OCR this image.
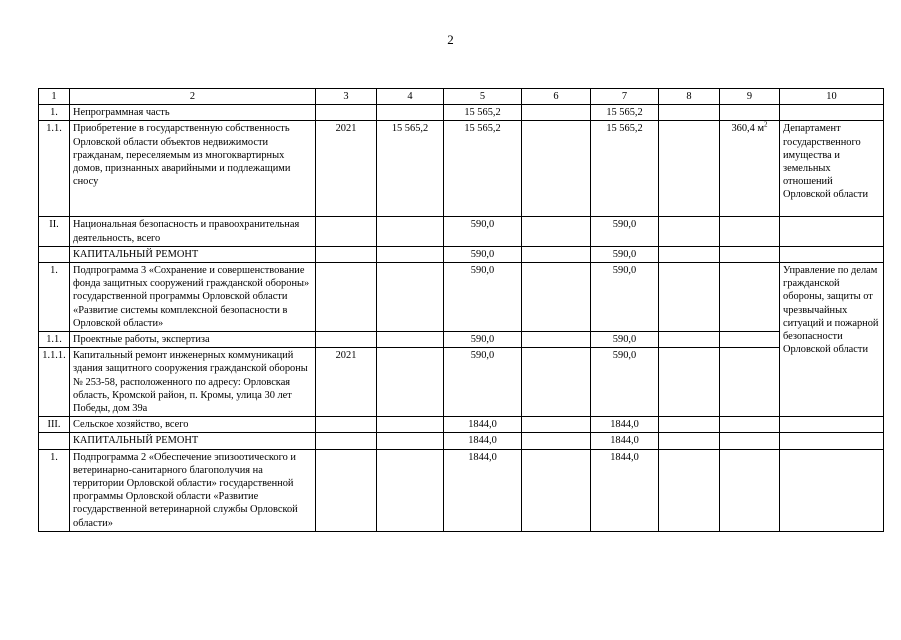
2
1	2	3	4	5	6	7	8	9	10
1.	Непрограммная часть			15 565,2		15 565,2			
1.1.	Приобретение в государственную собственность Орловской области объектов недвижимости гражданам, переселяемым из многоквартирных домов, признанных аварийными и подлежащими сносу	2021	15 565,2	15 565,2		15 565,2		360,4 $м^2$	Департамент государственного имущества и земельных отношений Орловской области
II.	Национальная безопасность и правоохранительная деятельность, всего			590,0		590,0			
	КАПИТАЛЬНЫЙ РЕМОНТ			590,0		590,0			
1.	Подпрограмма 3 «Сохранение и совершенствование фонда защитных сооружений гражданской обороны» государственной программы Орловской области «Развитие системы комплексной безопасности в Орловской области»			590,0		590,0			Управление по делам гражданской обороны, защиты от чрезвычайных ситуаций и пожарной безопасности Орловской области
1.1.	Проектные работы, экспертиза			590,0		590,0			
1.1.1.	Капитальный ремонт инженерных коммуникаций здания защитного сооружения гражданской обороны № 253-58, расположенного по адресу: Орловская область, Кромской район, п. Кромы, улица 30 лет Победы, дом 39а	2021		590,0		590,0			
III.	Сельское хозяйство, всего			1844,0		1844,0			
	КАПИТАЛЬНЫЙ РЕМОНТ			1844,0		1844,0			
1.	Подпрограмма 2 «Обеспечение эпизоотического и ветеринарно-санитарного благополучия на территории Орловской области» государственной программы Орловской области «Развитие государственной ветеринарной службы Орловской области»			1844,0		1844,0			
